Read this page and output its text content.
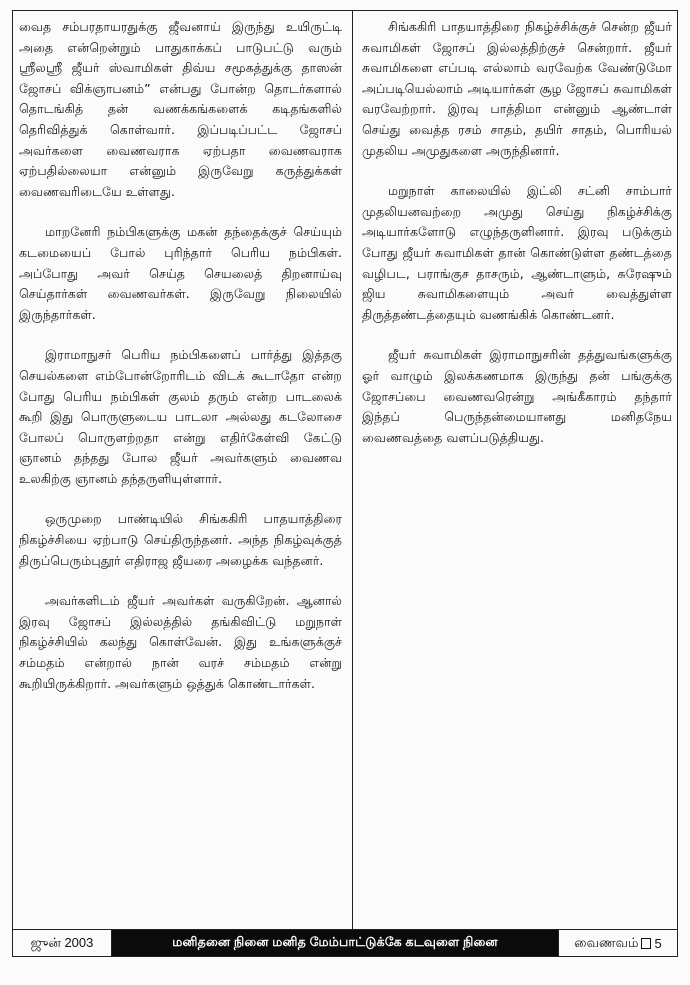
வைத சம்பரதாயரதுக்கு ஜீவனாய் இருந்து உயிருட்டி அதை என்றென்றும் பாதுகாக்கப் பாடுபட்டு வரும் ஸ்ரீலஸ்ரீ ஜீயர் ஸ்வாமிகள் திவ்ய சமூகத்துக்கு தாஸன் ஜோசப் விக்ஞாபனம்” என்பது போன்ற தொடர்களால் தொடங்கித் தன் வணக்கங்களைக் கடிதங்களில் தெரிவித்துக் கொள்வார். இப்படிப்பட்ட ஜோசப் அவர்களை வைணவராக ஏற்பதா வைணவராக ஏற்பதில்லையா என்னும் இருவேறு கருத்துக்கள் வைணவரிடையே உள்ளது.

மாறனேரி நம்பிகளுக்கு மகன் தந்தைக்குச் செய்யும் கடமையைப் போல் புரிந்தார் பெரிய நம்பிகள். அப்போது அவர் செய்த செயலைத் திறனாய்வு செய்தார்கள் வைணவர்கள். இருவேறு நிலையில் இருந்தார்கள்.

இராமாநுசர் பெரிய நம்பிகளைப் பார்த்து இத்தகு செயல்களை எம்போன்றோரிடம் விடக் கூடாதோ என்ற போது பெரிய நம்பிகள் குலம் தரும் என்ற பாடலைக் கூறி இது பொருளுடைய பாடலா அல்லது கடலோசை போலப் பொருளற்றதா என்று எதிர்கேள்வி கேட்டு ஞானம் தந்தது போல ஜீயர் அவர்களும் வைணவ உலகிற்கு ஞானம் தந்தருளியுள்ளார்.

ஒருமுறை பாண்டியில் சிங்ககிரி பாதயாத்திரை நிகழ்ச்சியை ஏற்பாடு செய்திருந்தனர். அந்த நிகழ்வுக்குத் திருப்பெரும்புதூர் எதிராஜ ஜீயரை அழைக்க வந்தனர்.

அவர்களிடம் ஜீயர் அவர்கள் வருகிறேன். ஆனால் இரவு ஜோசப் இல்லத்தில் தங்கிவிட்டு மறுநாள் நிகழ்ச்சியில் கலந்து கொள்வேன். இது உங்களுக்குச் சம்மதம் என்றால் நான் வரச் சம்மதம் என்று கூறியிருக்கிறார். அவர்களும் ஒத்துக் கொண்டார்கள்.

சிங்ககிரி பாதயாத்திரை நிகழ்ச்சிக்குச் சென்ற ஜீயர் சுவாமிகள் ஜோசப் இல்லத்திற்குச் சென்றார். ஜீயர் சுவாமிகளை எப்படி எல்லாம் வரவேற்க வேண்டுமோ அப்படியெல்லாம் அடியார்கள் சூழ ஜோசப் சுவாமிகள் வரவேற்றார். இரவு பாத்திமா என்னும் ஆண்டாள் செய்து வைத்த ரசம் சாதம், தயிர் சாதம், பொரியல் முதலிய அமுதுகளை அருந்தினார்.

மறுநாள் காலையில் இட்லி சட்னி சாம்பார் முதலியனவற்றை அமுது செய்து நிகழ்ச்சிக்கு அடியார்களோடு எழுந்தருளினார். இரவு படுக்கும் போது ஜீயர் சுவாமிகள் தான் கொண்டுள்ள தண்டத்தை வழிபட, பராங்குச தாசரும், ஆண்டாளும், சுரேஷும் ஜிய சுவாமிகளையும் அவர் வைத்துள்ள திருத்தண்டத்தையும் வணங்கிக் கொண்டனர்.

ஜீயர் சுவாமிகள் இராமாநுசரின் தத்துவங்களுக்கு ஓர் வாழும் இலக்கணமாக இருந்து தன் பங்குக்கு ஜோசப்பை வைணவரென்று அங்கீகாரம் தந்தார் இந்தப் பெருந்தன்மையானது மனிதநேய வைணவத்தை வளப்படுத்தியது.

ஜுன் 2003	மனிதனை நினை மனித மேம்பாட்டுக்கே கடவுளை நினை	வைணவம் 5
